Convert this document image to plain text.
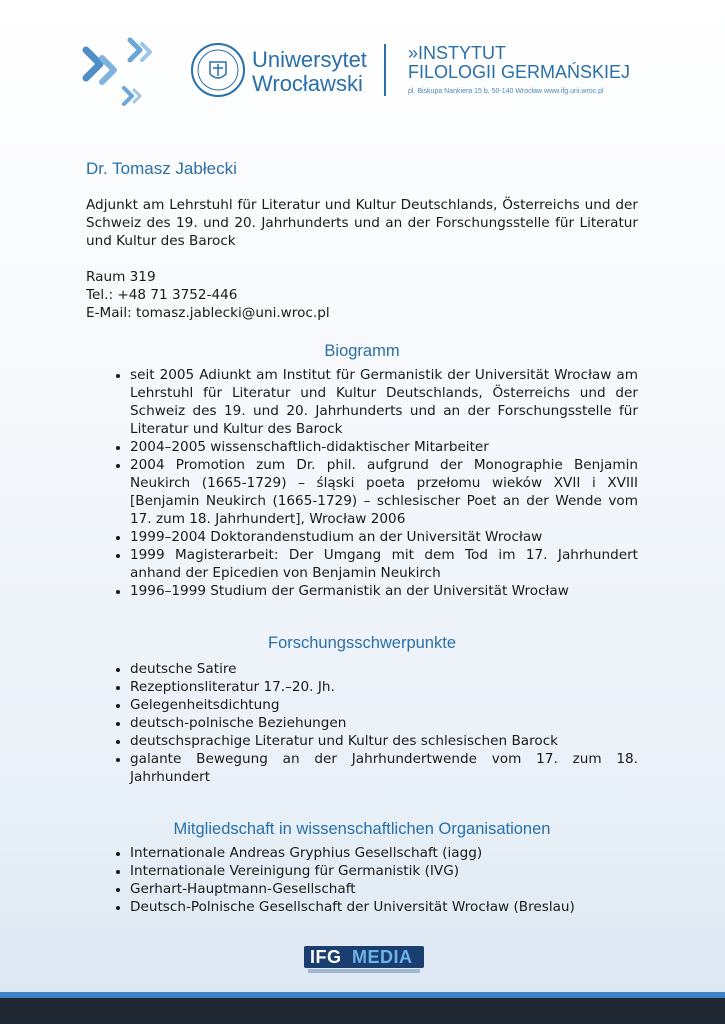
Uniwersytet
Wrocławski
»INSTYTUT
FILOLOGII GERMAŃSKIEJ
pl. Biskupa Nankiera 15 b, 50-140 Wrocław www.ifg.uni.wroc.pl
Dr. Tomasz Jabłecki
Adjunkt am Lehrstuhl für Literatur und Kultur Deutschlands, Österreichs und der Schweiz des 19. und 20. Jahrhunderts und an der Forschungsstelle für Literatur und Kultur des Barock
Raum 319
Tel.: +48 71 3752-446
E-Mail: tomasz.jablecki@uni.wroc.pl
Biogramm
• seit 2005 Adiunkt am Institut für Germanistik der Universität Wrocław am Lehrstuhl für Literatur und Kultur Deutschlands, Österreichs und der Schweiz des 19. und 20. Jahrhunderts und an der Forschungsstelle für Literatur und Kultur des Barock
• 2004–2005 wissenschaftlich-didaktischer Mitarbeiter
• 2004 Promotion zum Dr. phil. aufgrund der Monographie Benjamin Neukirch (1665-1729) – śląski poeta przełomu wieków XVII i XVIII [Benjamin Neukirch (1665-1729) – schlesischer Poet an der Wende vom 17. zum 18. Jahrhundert], Wrocław 2006
• 1999–2004 Doktorandenstudium an der Universität Wrocław
• 1999 Magisterarbeit: Der Umgang mit dem Tod im 17. Jahrhundert anhand der Epicedien von Benjamin Neukirch
• 1996–1999 Studium der Germanistik an der Universität Wrocław
Forschungsschwerpunkte
• deutsche Satire
• Rezeptionsliteratur 17.–20. Jh.
• Gelegenheitsdichtung
• deutsch-polnische Beziehungen
• deutschsprachige Literatur und Kultur des schlesischen Barock
• galante Bewegung an der Jahrhundertwende vom 17. zum 18. Jahrhundert
Mitgliedschaft in wissenschaftlichen Organisationen
• Internationale Andreas Gryphius Gesellschaft (iagg)
• Internationale Vereinigung für Germanistik (IVG)
• Gerhart-Hauptmann-Gesellschaft
• Deutsch-Polnische Gesellschaft der Universität Wrocław (Breslau)
IFG MEDIA
